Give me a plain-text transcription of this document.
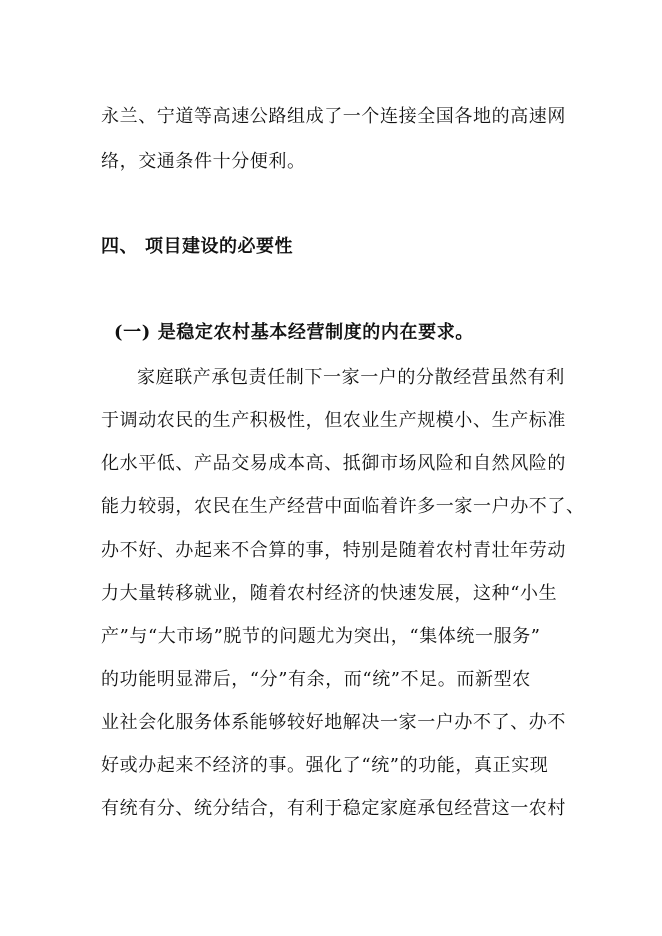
永兰、宁道等高速公路组成了一个连接全国各地的高速网
络，交通条件十分便利。
四、 项目建设的必要性
(一) 是稳定农村基本经营制度的内在要求。
家庭联产承包责任制下一家一户的分散经营虽然有利
于调动农民的生产积极性，但农业生产规模小、生产标准
化水平低、产品交易成本高、抵御市场风险和自然风险的
能力较弱，农民在生产经营中面临着许多一家一户办不了、
办不好、办起来不合算的事，特别是随着农村青壮年劳动
力大量转移就业，随着农村经济的快速发展，这种“小生
产”与“大市场”脱节的问题尤为突出，“集体统一服务”
的功能明显滞后，“分”有余，而“统”不足。而新型农
业社会化服务体系能够较好地解决一家一户办不了、办不
好或办起来不经济的事。强化了“统”的功能，真正实现
有统有分、统分结合，有利于稳定家庭承包经营这一农村
